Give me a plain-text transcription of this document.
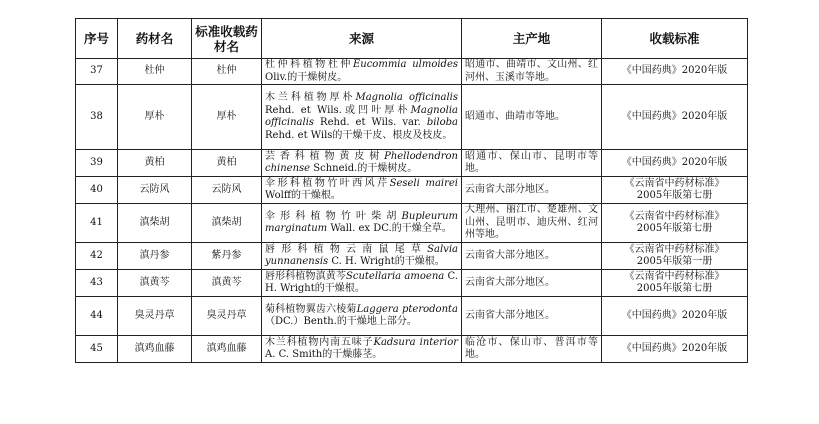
序号	药材名	标准收载药
材名	来源	主产地	收载标准
37	杜仲	杜仲	杜仲科植物杜仲Eucommia ulmoides Oliv.的干燥树皮。	昭通市、曲靖市、文山州、红河州、玉溪市等地。	《中国药典》2020年版

38	厚朴	厚朴	木兰科植物厚朴Magnolia officinalis Rehd. et Wils.或凹叶厚朴Magnolia officinalis Rehd. et Wils. var. biloba Rehd. et Wils的干燥干皮、根皮及枝皮。	昭通市、曲靖市等地。	《中国药典》2020年版

39	黄柏	黄柏	芸香科植物黄皮树Phellodendron chinense Schneid.的干燥树皮。	昭通市、保山市、昆明市等地。	《中国药典》2020年版

40	云防风	云防风	伞形科植物竹叶西风芹Seseli mairei Wolff的干燥根。	云南省大部分地区。	《云南省中药材标准》
2005年版第七册

41	滇柴胡	滇柴胡	伞形科植物竹叶柴胡Bupleurum marginatum Wall. ex DC.的干燥全草。	大理州、丽江市、楚雄州、文山州、昆明市、迪庆州、红河州等地。	《云南省中药材标准》
2005年版第七册

42	滇丹参	紫丹参	唇形科植物云南鼠尾草Salvia yunnanensis C. H. Wright的干燥根。	云南省大部分地区。	《云南省中药材标准》
2005年版第一册

43	滇黄芩	滇黄芩	唇形科植物滇黄芩Scutellaria amoena C. H. Wright的干燥根。	云南省大部分地区。	《云南省中药材标准》
2005年版第七册

44	臭灵丹草	臭灵丹草	菊科植物翼齿六棱菊Laggera pterodonta（DC.）Benth.的干燥地上部分。	云南省大部分地区。	《中国药典》2020年版

45	滇鸡血藤	滇鸡血藤	木兰科植物内南五味子Kadsura interior A. C. Smith的干燥藤茎。	临沧市、保山市、普洱市等地。	《中国药典》2020年版
